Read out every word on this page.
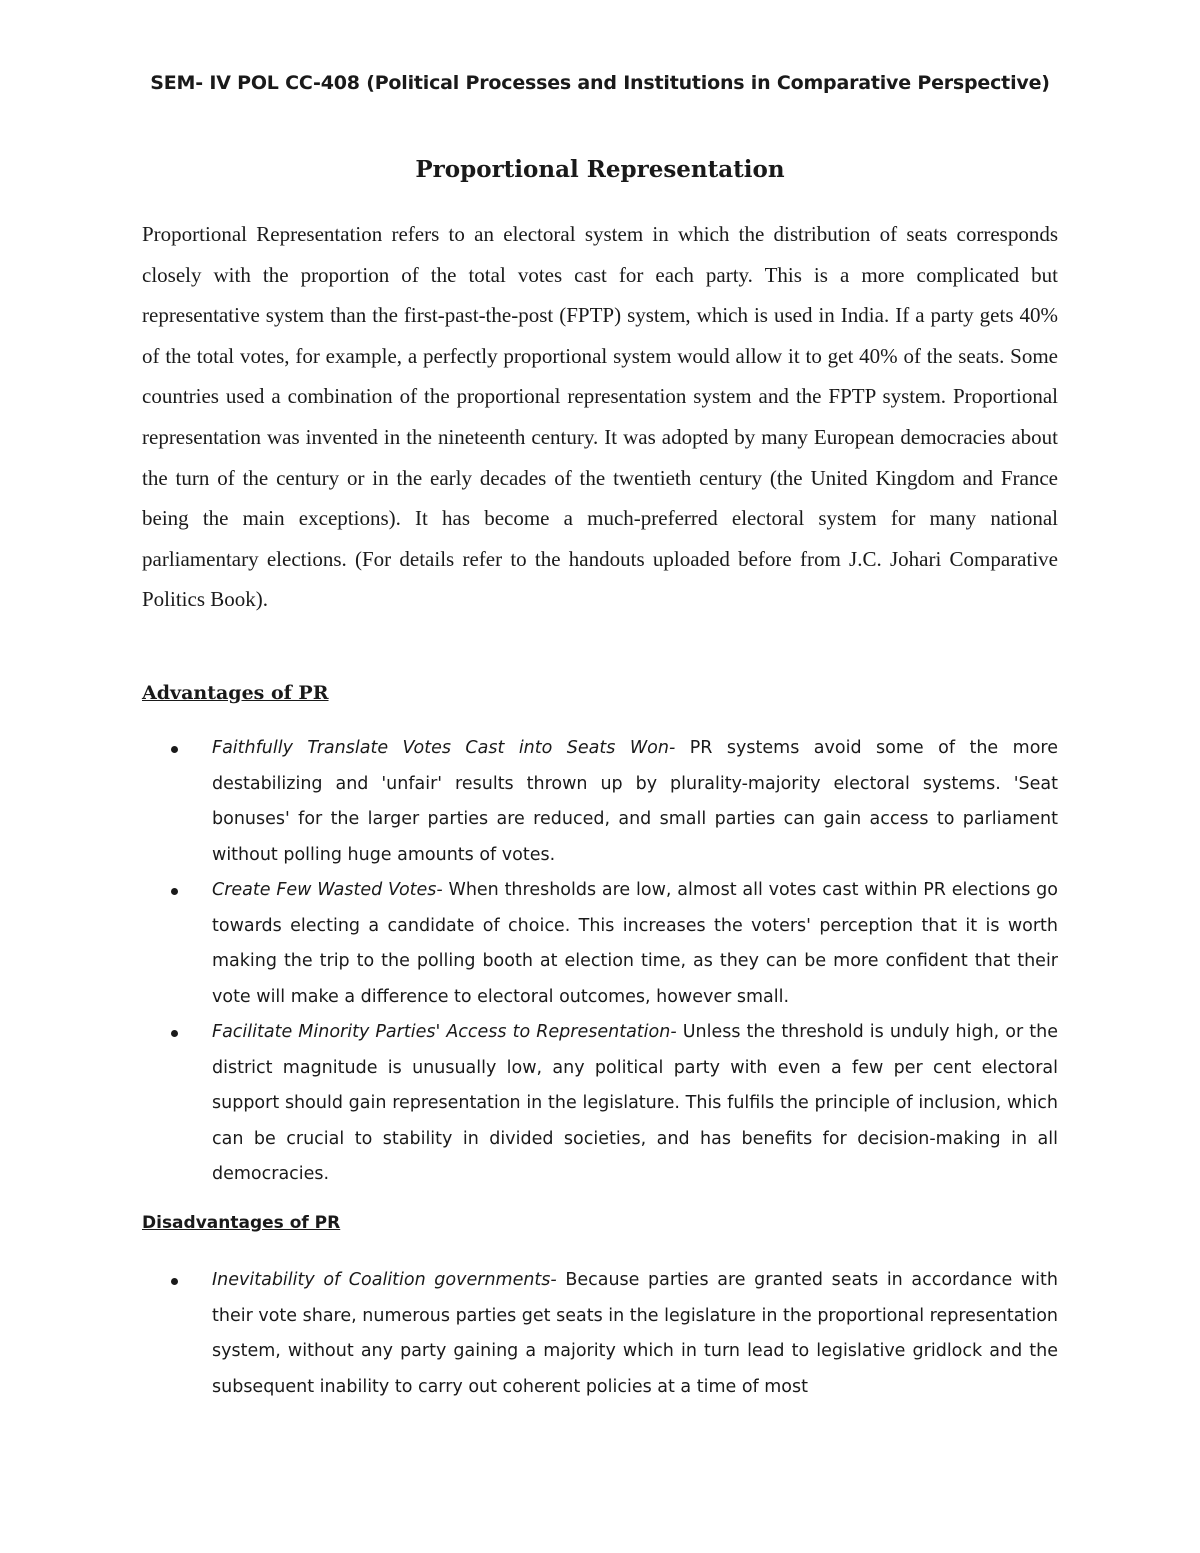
SEM- IV POL CC-408 (Political Processes and Institutions in Comparative Perspective)
Proportional Representation

Proportional Representation refers to an electoral system in which the distribution of seats corresponds closely with the proportion of the total votes cast for each party. This is a more complicated but representative system than the first-past-the-post (FPTP) system, which is used in India. If a party gets 40% of the total votes, for example, a perfectly proportional system would allow it to get 40% of the seats. Some countries used a combination of the proportional representation system and the FPTP system. Proportional representation was invented in the nineteenth century. It was adopted by many European democracies about the turn of the century or in the early decades of the twentieth century (the United Kingdom and France being the main exceptions). It has become a much-preferred electoral system for many national parliamentary elections. (For details refer to the handouts uploaded before from J.C. Johari Comparative Politics Book).

Advantages of PR
Faithfully Translate Votes Cast into Seats Won- PR systems avoid some of the more destabilizing and 'unfair' results thrown up by plurality-majority electoral systems. 'Seat bonuses' for the larger parties are reduced, and small parties can gain access to parliament without polling huge amounts of votes.
Create Few Wasted Votes- When thresholds are low, almost all votes cast within PR elections go towards electing a candidate of choice. This increases the voters' perception that it is worth making the trip to the polling booth at election time, as they can be more confident that their vote will make a difference to electoral outcomes, however small.
Facilitate Minority Parties' Access to Representation- Unless the threshold is unduly high, or the district magnitude is unusually low, any political party with even a few per cent electoral support should gain representation in the legislature. This fulfils the principle of inclusion, which can be crucial to stability in divided societies, and has benefits for decision-making in all democracies.
Disadvantages of PR
Inevitability of Coalition governments- Because parties are granted seats in accordance with their vote share, numerous parties get seats in the legislature in the proportional representation system, without any party gaining a majority which in turn lead to legislative gridlock and the subsequent inability to carry out coherent policies at a time of most
